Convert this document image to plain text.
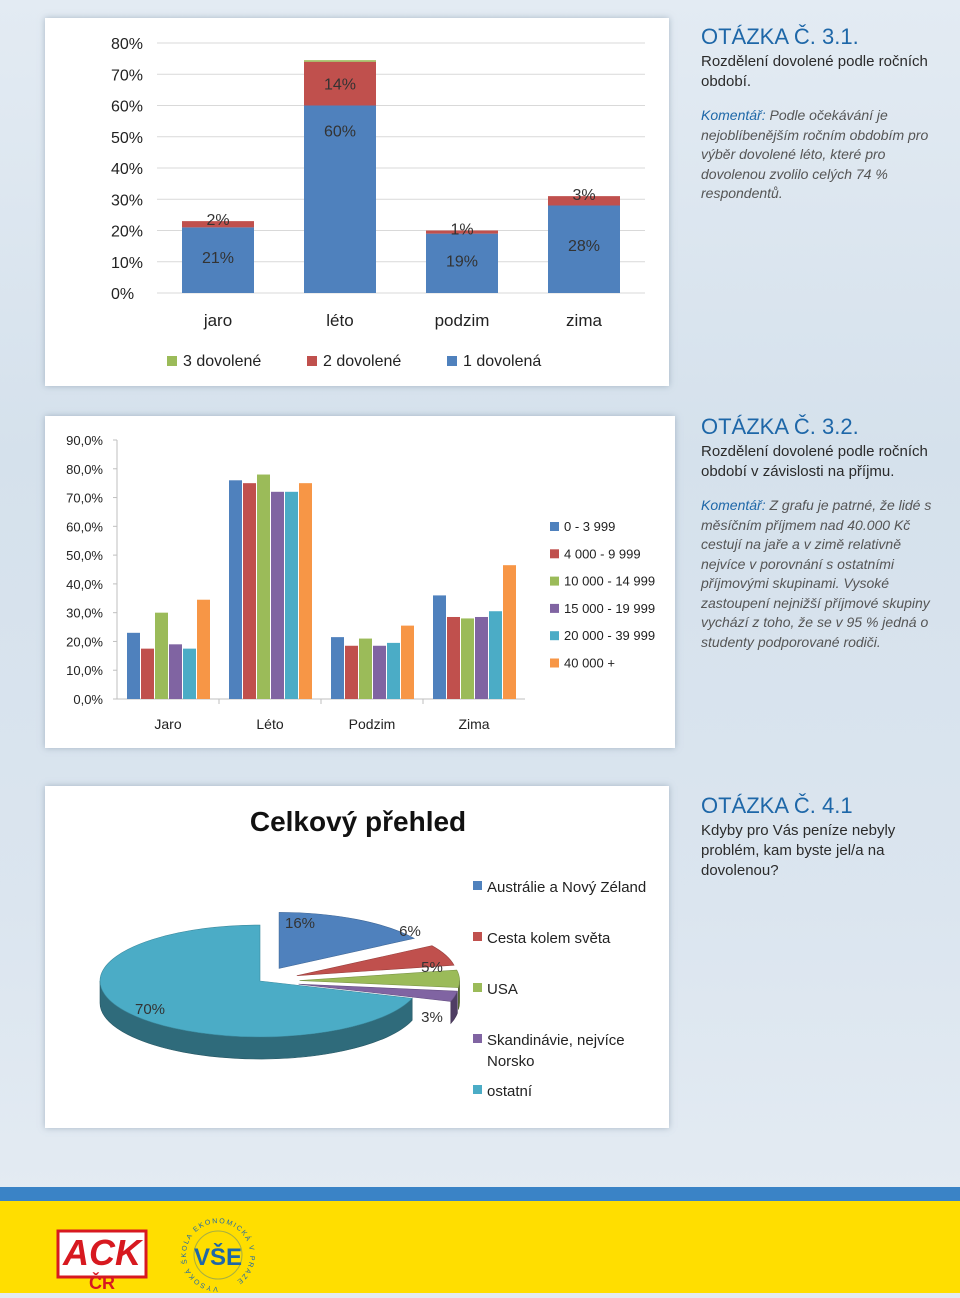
0%
10%
20%
30%
40%
50%
60%
70%
80%
21%
2%
jaro
60%
14%
léto
19%
1%
podzim
28%
3%
zima
3 dovolené	2 dovolené	1 dovolená
OTÁZKA Č. 3.1.
Rozdělení dovolené podle ročních období.
Komentář: Podle očekávání je nejoblíbenějším ročním obdobím pro výběr dovolené léto, které pro dovolenou zvolilo celých 74 % respondentů.
0,0%
10,0%
20,0%
30,0%
40,0%
50,0%
60,0%
70,0%
80,0%
90,0%
Jaro	Léto	Podzim	Zima
0 - 3 999
4 000 - 9 999
10 000 - 14 999
15 000 - 19 999
20 000 - 39 999
40 000 +
OTÁZKA Č. 3.2.
Rozdělení dovolené podle ročních období v závislosti na příjmu.
Komentář: Z grafu je patrné, že lidé s měsíčním příjmem nad 40.000 Kč cestují na jaře a v zimě relativně nejvíce v porovnání s ostatními příjmovými skupinami. Vysoké zastoupení nejnižší příjmové skupiny vychází z toho, že se v 95 % jedná o studenty podporované rodiči.
Celkový přehled
16%	6%
5%
3%
70%
Austrálie a Nový Zéland
Cesta kolem světa
USA
Skandinávie, nejvíce
Norsko
ostatní
OTÁZKA Č. 4.1
Kdyby pro Vás peníze nebyly problém, kam byste jel/a na dovolenou?
ACK
ČR	VYSOKÁ ŠKOLA EKONOMICKÁ V PRAZE
VŠE
